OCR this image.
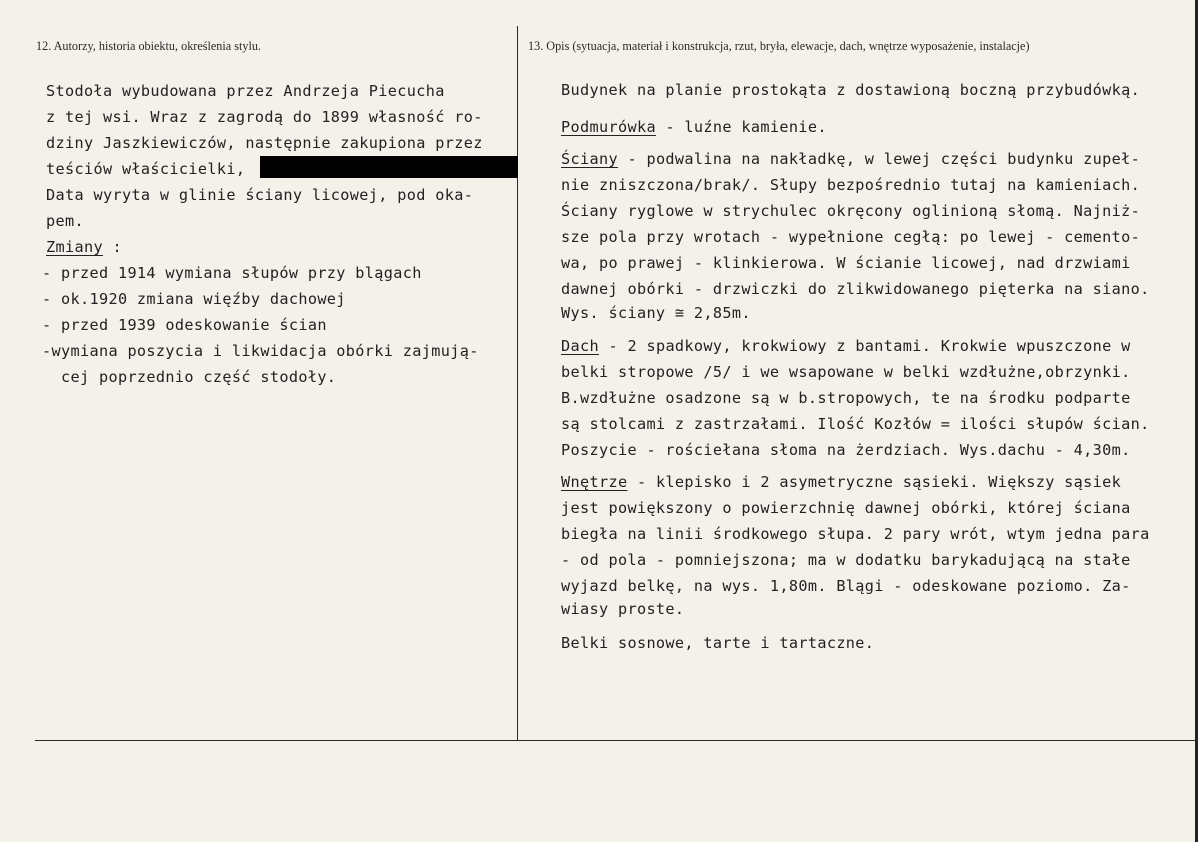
12. Autorzy, historia obiektu, określenia stylu.
Stodoła wybudowana przez Andrzeja Piecucha
z tej wsi. Wraz z zagrodą do 1899 własność ro-
dziny Jaszkiewiczów, następnie zakupiona przez
teściów właścicielki,
Data wyryta w glinie ściany licowej, pod oka-
pem.
Zmiany :
- przed 1914 wymiana słupów przy blągach
- ok.1920 zmiana więźby dachowej
- przed 1939 odeskowanie ścian
-wymiana poszycia i likwidacja obórki zajmują-
cej poprzednio część stodoły.
13. Opis (sytuacja, materiał i konstrukcja, rzut, bryła, elewacje, dach, wnętrze wyposażenie, instalacje)
Budynek na planie prostokąta z dostawioną boczną przybudówką.
Podmurówka - luźne kamienie.
Ściany - podwalina na nakładkę, w lewej części budynku zupeł-
nie zniszczona/brak/. Słupy bezpośrednio tutaj na kamieniach.
Ściany ryglowe w strychulec okręcony oglinioną słomą. Najniż-
sze pola przy wrotach - wypełnione cegłą: po lewej - cemento-
wa, po prawej - klinkierowa. W ścianie licowej, nad drzwiami
dawnej obórki - drzwiczki do zlikwidowanego pięterka na siano.
Wys. ściany ≅ 2,85m.
Dach - 2 spadkowy, krokwiowy z bantami. Krokwie wpuszczone w
belki stropowe /5/ i we wsapowane w belki wzdłużne,obrzynki.
B.wzdłużne osadzone są w b.stropowych, te na środku podparte
są stolcami z zastrzałami. Ilość Kozłów = ilości słupów ścian.
Poszycie - rościełana słoma na żerdziach. Wys.dachu - 4,30m.
Wnętrze - klepisko i 2 asymetryczne sąsieki. Większy sąsiek
jest powiększony o powierzchnię dawnej obórki, której ściana
biegła na linii środkowego słupa. 2 pary wrót, wtym jedna para
- od pola - pomniejszona; ma w dodatku barykadującą na stałe
wyjazd belkę, na wys. 1,80m. Blągi - odeskowane poziomo. Za-
wiasy proste.
Belki sosnowe, tarte i tartaczne.
